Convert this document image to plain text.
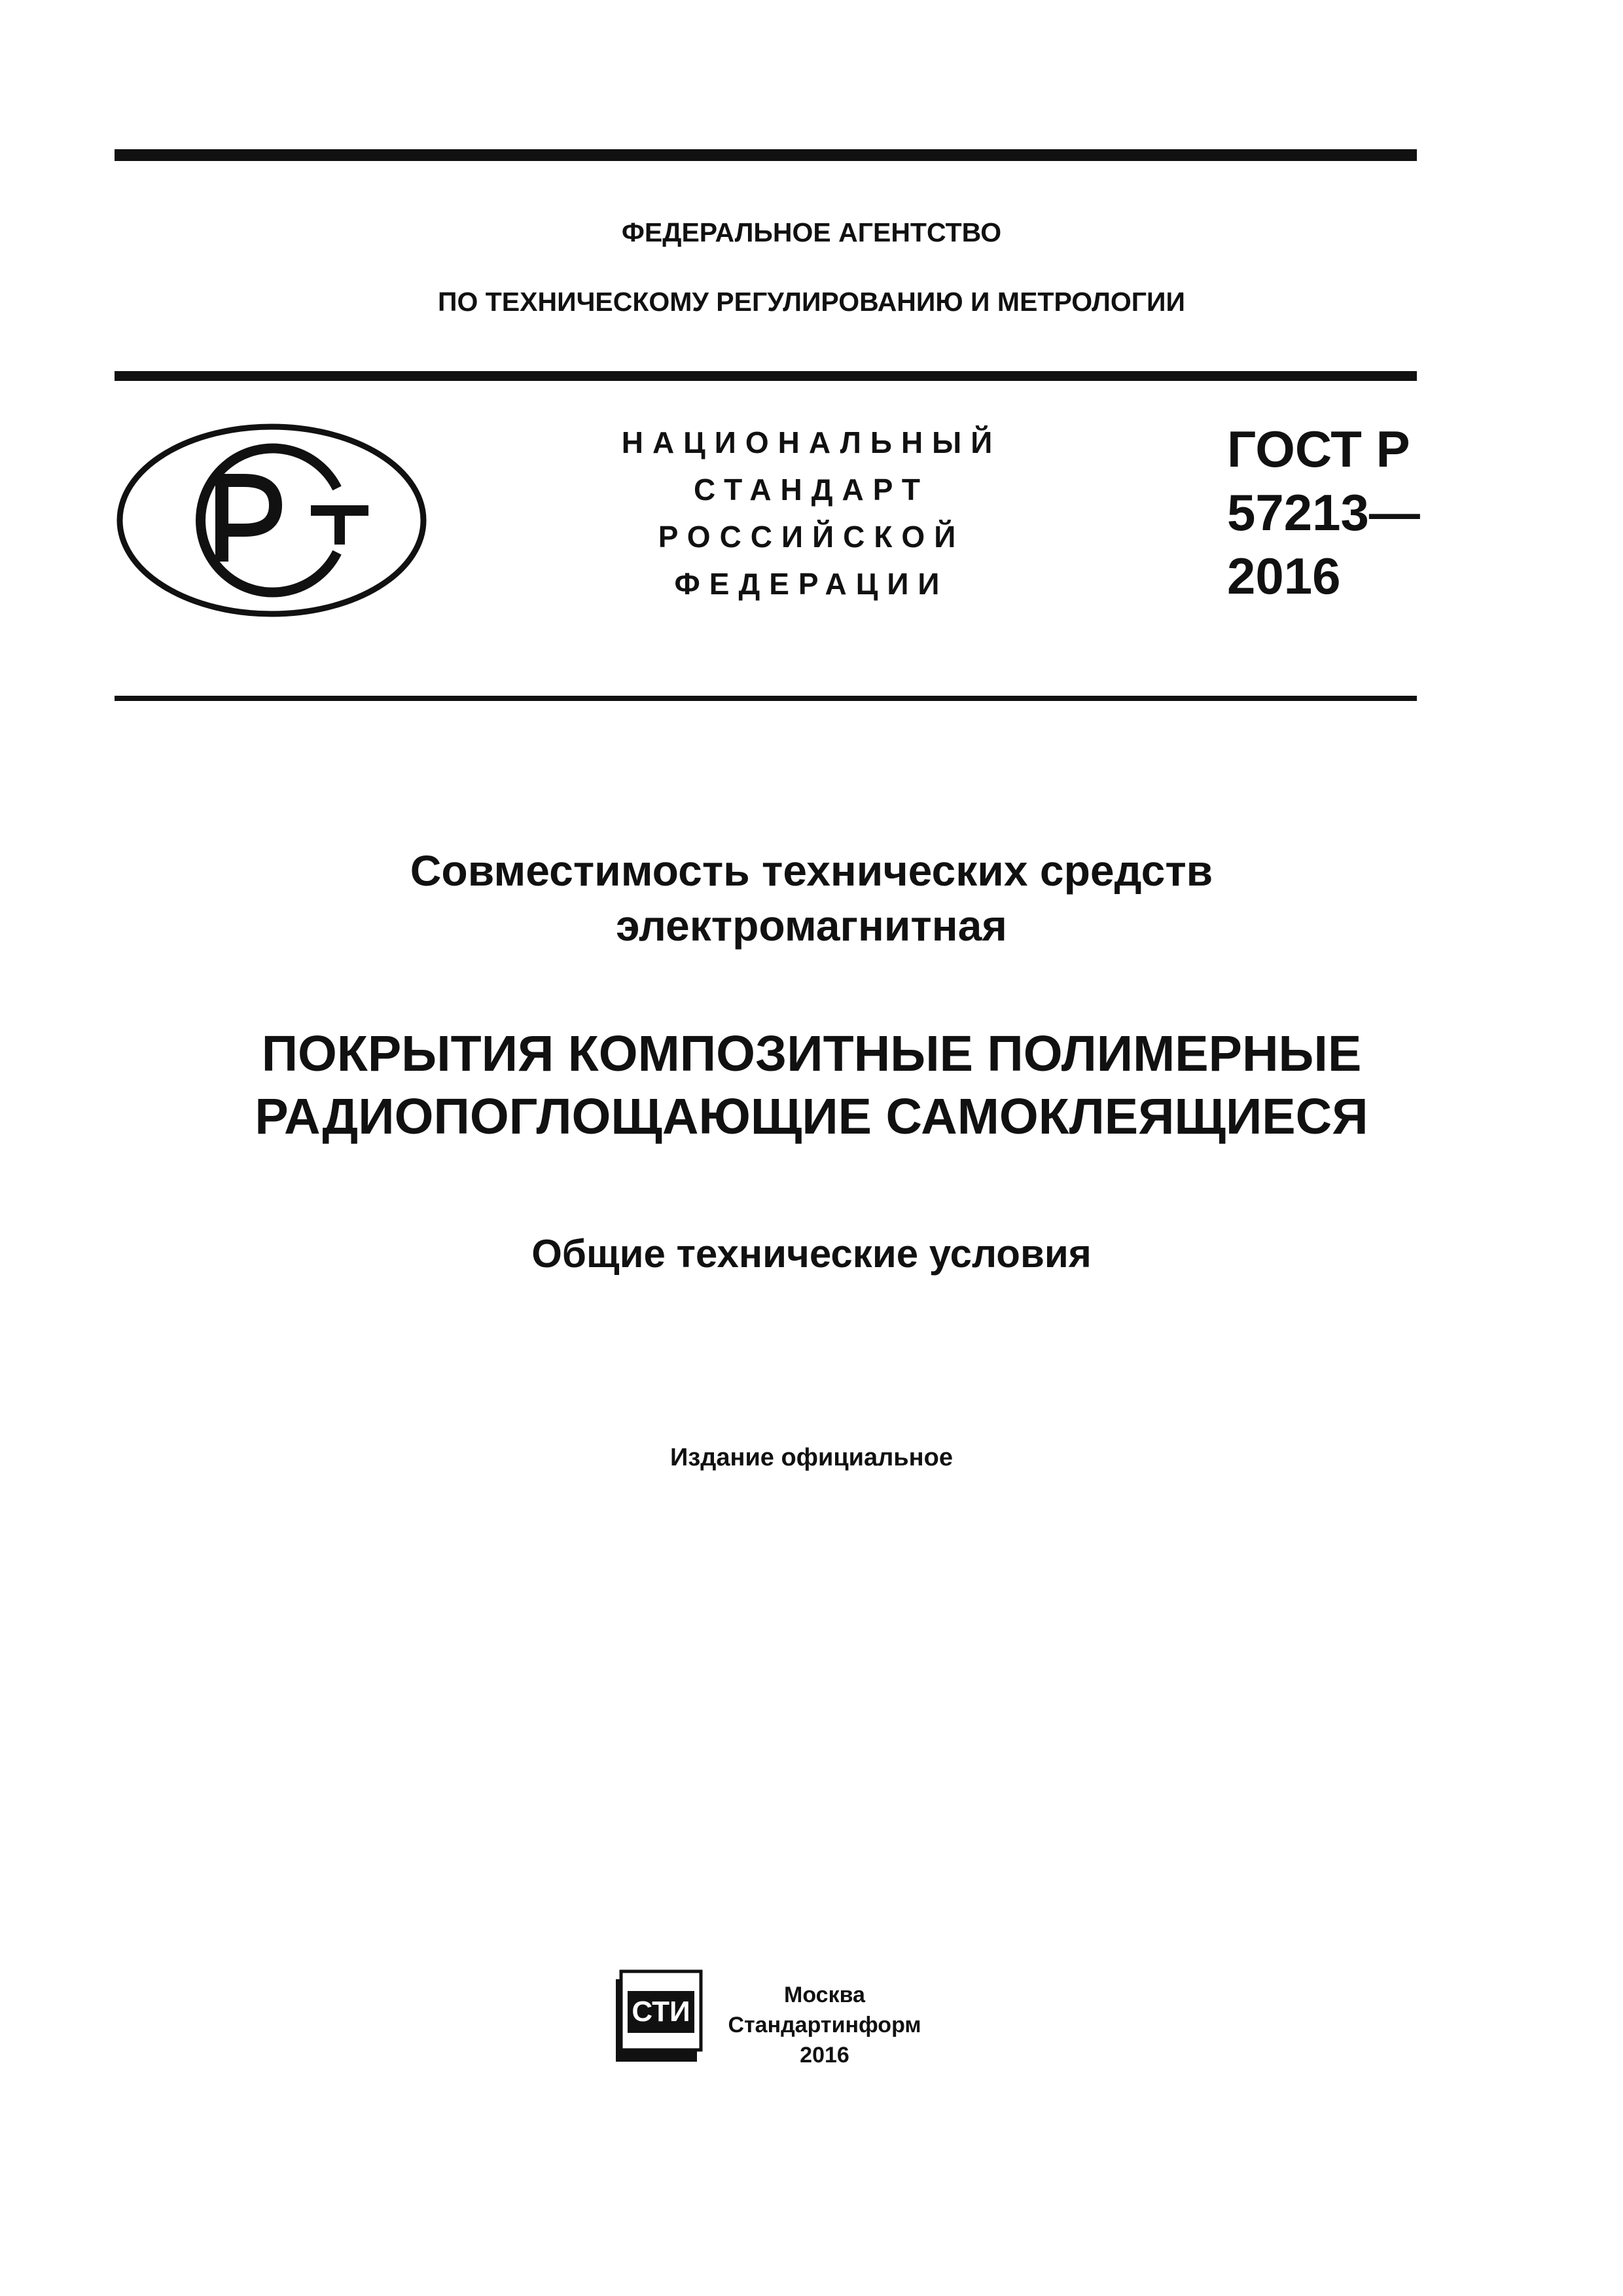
ФЕДЕРАЛЬНОЕ АГЕНТСТВО
ПО ТЕХНИЧЕСКОМУ РЕГУЛИРОВАНИЮ И МЕТРОЛОГИИ
НАЦИОНАЛЬНЫЙ
СТАНДАРТ
РОССИЙСКОЙ
ФЕДЕРАЦИИ
ГОСТ Р
57213—
2016
Совместимость технических средств
электромагнитная
ПОКРЫТИЯ КОМПОЗИТНЫЕ ПОЛИМЕРНЫЕ
РАДИОПОГЛОЩАЮЩИЕ САМОКЛЕЯЩИЕСЯ
Общие технические условия
Издание официальное
СТИ
Москва
Стандартинформ
2016
